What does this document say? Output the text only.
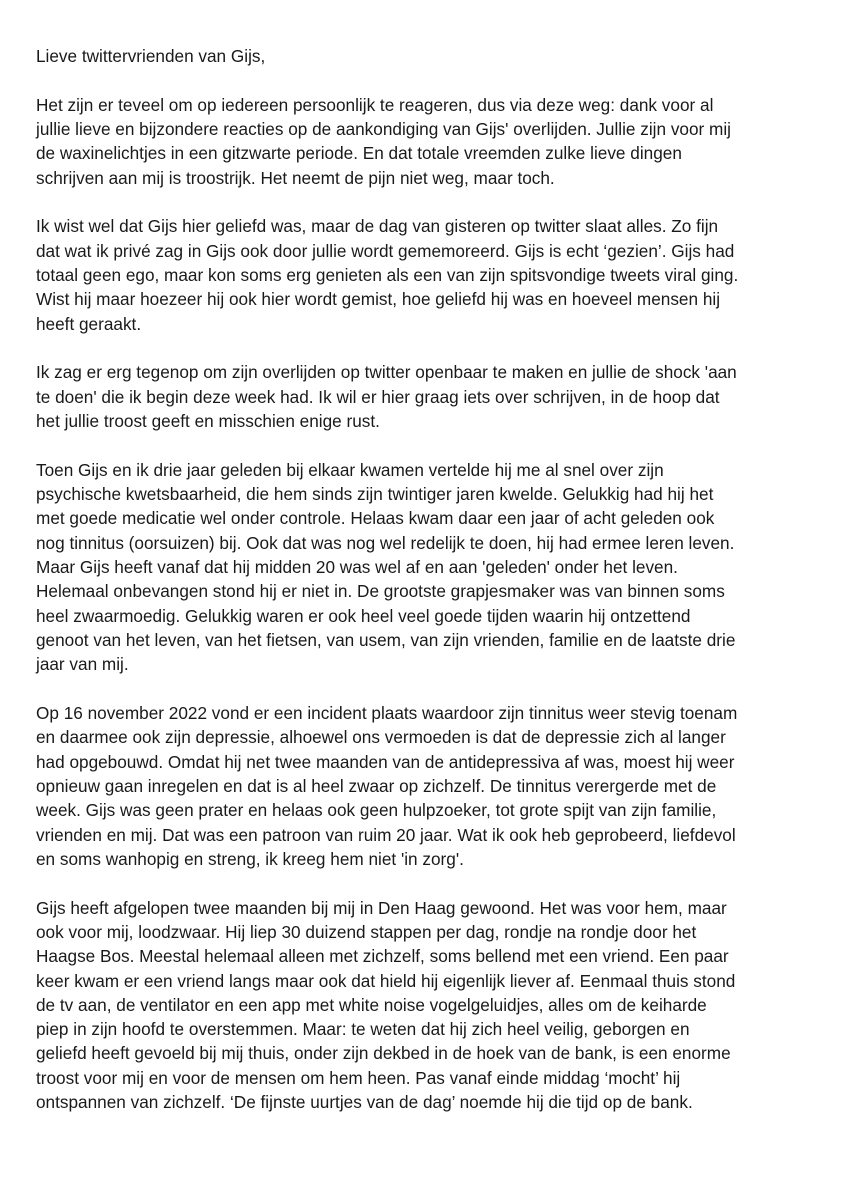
Lieve twittervrienden van Gijs,
Het zijn er teveel om op iedereen persoonlijk te reageren, dus via deze weg: dank voor al
jullie lieve en bijzondere reacties op de aankondiging van Gijs' overlijden. Jullie zijn voor mij
de waxinelichtjes in een gitzwarte periode. En dat totale vreemden zulke lieve dingen
schrijven aan mij is troostrijk. Het neemt de pijn niet weg, maar toch.
Ik wist wel dat Gijs hier geliefd was, maar de dag van gisteren op twitter slaat alles. Zo fijn
dat wat ik privé zag in Gijs ook door jullie wordt gememoreerd. Gijs is echt ‘gezien’. Gijs had
totaal geen ego, maar kon soms erg genieten als een van zijn spitsvondige tweets viral ging.
Wist hij maar hoezeer hij ook hier wordt gemist, hoe geliefd hij was en hoeveel mensen hij
heeft geraakt.
Ik zag er erg tegenop om zijn overlijden op twitter openbaar te maken en jullie de shock 'aan
te doen' die ik begin deze week had. Ik wil er hier graag iets over schrijven, in de hoop dat
het jullie troost geeft en misschien enige rust.
Toen Gijs en ik drie jaar geleden bij elkaar kwamen vertelde hij me al snel over zijn
psychische kwetsbaarheid, die hem sinds zijn twintiger jaren kwelde. Gelukkig had hij het
met goede medicatie wel onder controle. Helaas kwam daar een jaar of acht geleden ook
nog tinnitus (oorsuizen) bij. Ook dat was nog wel redelijk te doen, hij had ermee leren leven.
Maar Gijs heeft vanaf dat hij midden 20 was wel af en aan 'geleden' onder het leven.
Helemaal onbevangen stond hij er niet in. De grootste grapjesmaker was van binnen soms
heel zwaarmoedig. Gelukkig waren er ook heel veel goede tijden waarin hij ontzettend
genoot van het leven, van het fietsen, van usem, van zijn vrienden, familie en de laatste drie
jaar van mij.
Op 16 november 2022 vond er een incident plaats waardoor zijn tinnitus weer stevig toenam
en daarmee ook zijn depressie, alhoewel ons vermoeden is dat de depressie zich al langer
had opgebouwd. Omdat hij net twee maanden van de antidepressiva af was, moest hij weer
opnieuw gaan inregelen en dat is al heel zwaar op zichzelf. De tinnitus verergerde met de
week. Gijs was geen prater en helaas ook geen hulpzoeker, tot grote spijt van zijn familie,
vrienden en mij. Dat was een patroon van ruim 20 jaar. Wat ik ook heb geprobeerd, liefdevol
en soms wanhopig en streng, ik kreeg hem niet 'in zorg'.
Gijs heeft afgelopen twee maanden bij mij in Den Haag gewoond. Het was voor hem, maar
ook voor mij, loodzwaar. Hij liep 30 duizend stappen per dag, rondje na rondje door het
Haagse Bos. Meestal helemaal alleen met zichzelf, soms bellend met een vriend. Een paar
keer kwam er een vriend langs maar ook dat hield hij eigenlijk liever af. Eenmaal thuis stond
de tv aan, de ventilator en een app met white noise vogelgeluidjes, alles om de keiharde
piep in zijn hoofd te overstemmen. Maar: te weten dat hij zich heel veilig, geborgen en
geliefd heeft gevoeld bij mij thuis, onder zijn dekbed in de hoek van de bank, is een enorme
troost voor mij en voor de mensen om hem heen. Pas vanaf einde middag ‘mocht’ hij
ontspannen van zichzelf. ‘De fijnste uurtjes van de dag’ noemde hij die tijd op de bank.
